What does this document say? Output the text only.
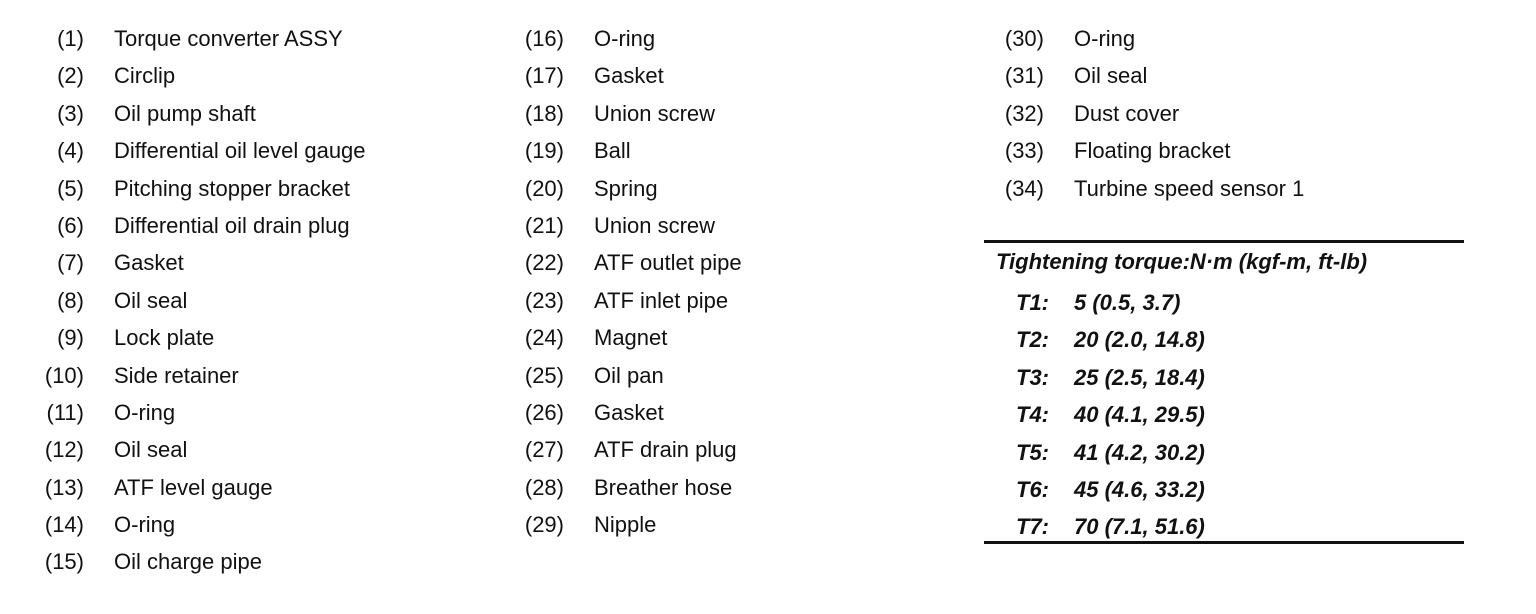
(1) Torque converter ASSY
(2) Circlip
(3) Oil pump shaft
(4) Differential oil level gauge
(5) Pitching stopper bracket
(6) Differential oil drain plug
(7) Gasket
(8) Oil seal
(9) Lock plate
(10) Side retainer
(11) O-ring
(12) Oil seal
(13) ATF level gauge
(14) O-ring
(15) Oil charge pipe
(16) O-ring
(17) Gasket
(18) Union screw
(19) Ball
(20) Spring
(21) Union screw
(22) ATF outlet pipe
(23) ATF inlet pipe
(24) Magnet
(25) Oil pan
(26) Gasket
(27) ATF drain plug
(28) Breather hose
(29) Nipple
(30) O-ring
(31) Oil seal
(32) Dust cover
(33) Floating bracket
(34) Turbine speed sensor 1
Tightening torque:N·m (kgf-m, ft-lb)
T1: 5 (0.5, 3.7)
T2: 20 (2.0, 14.8)
T3: 25 (2.5, 18.4)
T4: 40 (4.1, 29.5)
T5: 41 (4.2, 30.2)
T6: 45 (4.6, 33.2)
T7: 70 (7.1, 51.6)
